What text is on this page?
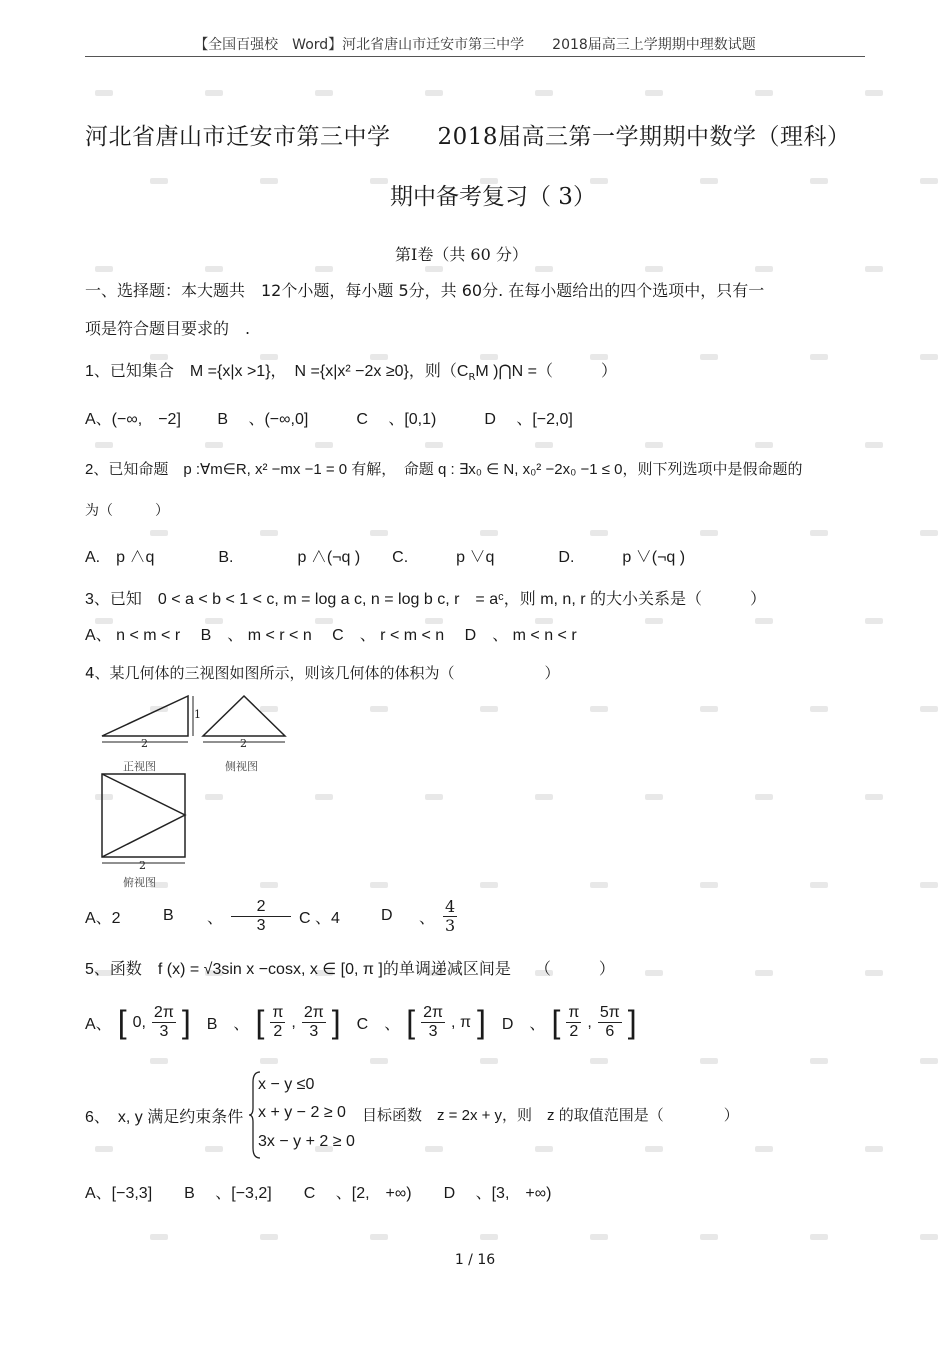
【全国百强校　Word】河北省唐山市迁安市第三中学　　2018届高三上学期期中理数试题
河北省唐山市迁安市第三中学　　2018届高三第一学期期中数学（理科）
期中备考复习（ 3）
第Ⅰ卷（共 60 分）
一、选择题：本大题共　12个小题，每小题 5分，共 60分. 在每小题给出的四个选项中，只有一
项是符合题目要求的　.
1、已知集合　M ={x|x >1}，　N ={x|x² −2x ≥0}，则（$C_RM$ )⋂N =（　　　）
A、(−∞,　−2]　　 B　 、(−∞,0]　　　C　 、[0,1)　　　D　 、[−2,0]
2、已知命题　p :∀m∈R, x² −mx −1 = 0 有解，　命题 q : ∃x₀ ∈ N, x₀² −2x₀ −1 ≤ 0，则下列选项中是假命题的
为（　　　）
A.　p ∧q　　　　B.　　　　p ∧(¬q )　　C.　　　p ∨q　　　　D.　　　p ∨(¬q )
3、已知　0 < a < b < 1 < c, m = log a c, n = log b c, r　= aᶜ，则 m, n, r 的大小关系是（　　　）
A、 n < m < r　 B　、 m < r < n　 C　、 r < m < n　 D　、 m < n < r
4、某几何体的三视图如图所示，则该几何体的体积为（　　　　　　）
1
2
正视图
2
侧视图
2
俯视图
A、2	B	、 $\frac{2}{3}$ C 、4	D	、 $\frac{4}{3}$
5、函数　f (x) = √3sin x −cosx, x ∈ [0, π ]的单调递减区间是　　（　　　）
A、 [ 0, $\frac{2\pi}{3}$ ] B　、 [ $\frac{\pi}{2}$ , $\frac{2\pi}{3}$ ] C　、 [ $\frac{2\pi}{3}$ , π ] D　、 [ $\frac{\pi}{2}$ , $\frac{5\pi}{6}$ ]
6、　x, y 满足约束条件
x − y ≤0
x + y − 2 ≥ 0
3x − y + 2 ≥ 0
目标函数　z = 2x + y，则　z 的取值范围是（　　　　）
A、[−3,3]　　B　 、[−3,2]　　C　 、[2,　+∞)　　D　 、[3,　+∞)
1 / 16
